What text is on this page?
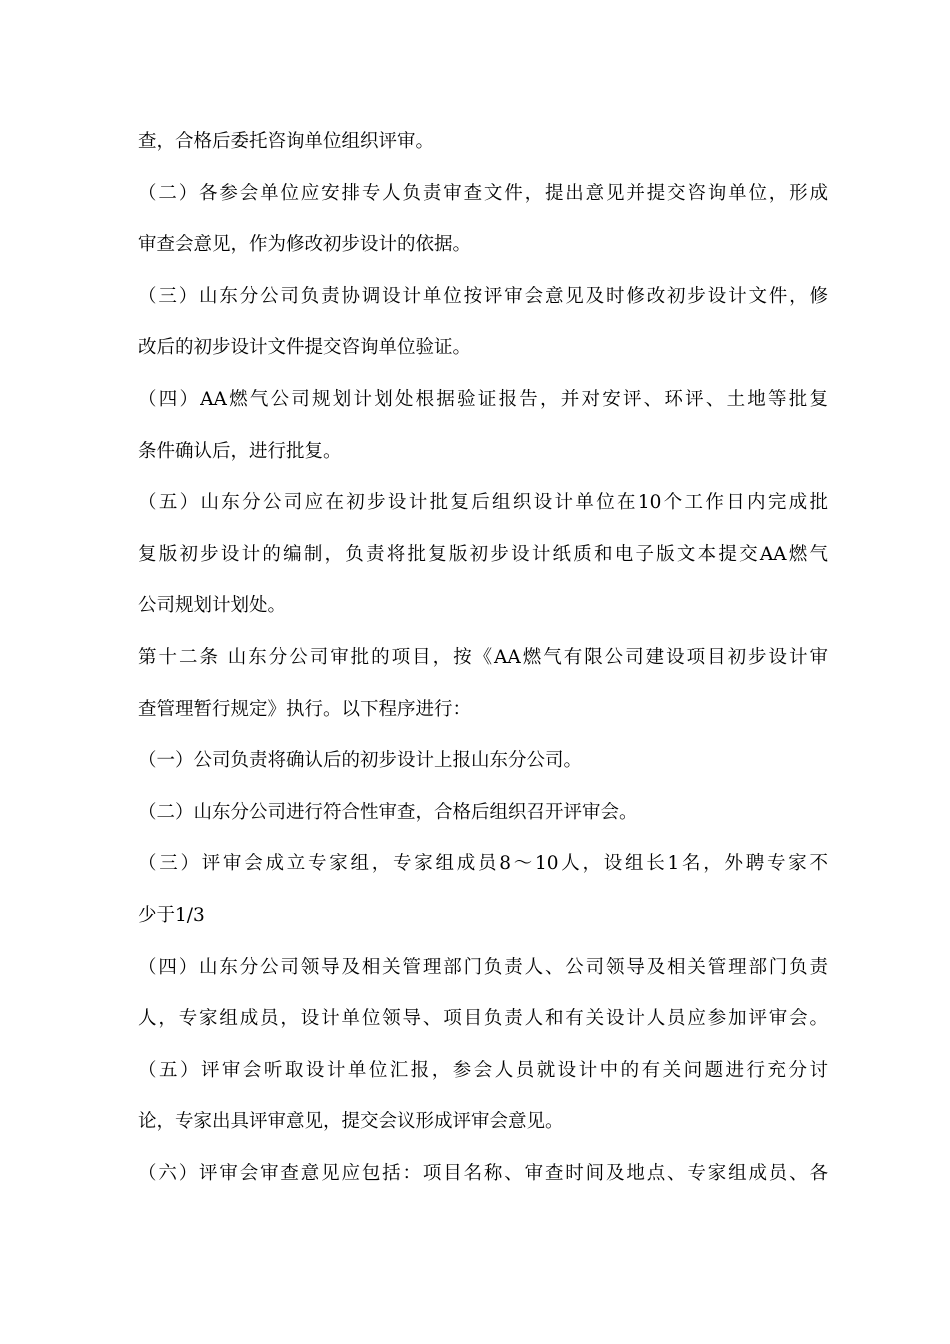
查，合格后委托咨询单位组织评审。
（二）各参会单位应安排专人负责审查文件，提出意见并提交咨询单位，形成
审查会意见，作为修改初步设计的依据。
（三）山东分公司负责协调设计单位按评审会意见及时修改初步设计文件，修
改后的初步设计文件提交咨询单位验证。
（四）AA燃气公司规划计划处根据验证报告，并对安评、环评、土地等批复
条件确认后，进行批复。
（五）山东分公司应在初步设计批复后组织设计单位在10个工作日内完成批
复版初步设计的编制，负责将批复版初步设计纸质和电子版文本提交AA燃气
公司规划计划处。
第十二条 山东分公司审批的项目，按《AA燃气有限公司建设项目初步设计审
查管理暂行规定》执行。以下程序进行：
（一）公司负责将确认后的初步设计上报山东分公司。
（二）山东分公司进行符合性审查，合格后组织召开评审会。
（三）评审会成立专家组，专家组成员8〜10人，设组长1名，外聘专家不
少于1/3
（四）山东分公司领导及相关管理部门负责人、公司领导及相关管理部门负责
人，专家组成员，设计单位领导、项目负责人和有关设计人员应参加评审会。
（五）评审会听取设计单位汇报，参会人员就设计中的有关问题进行充分讨
论，专家出具评审意见，提交会议形成评审会意见。
（六）评审会审查意见应包括：项目名称、审查时间及地点、专家组成员、各
